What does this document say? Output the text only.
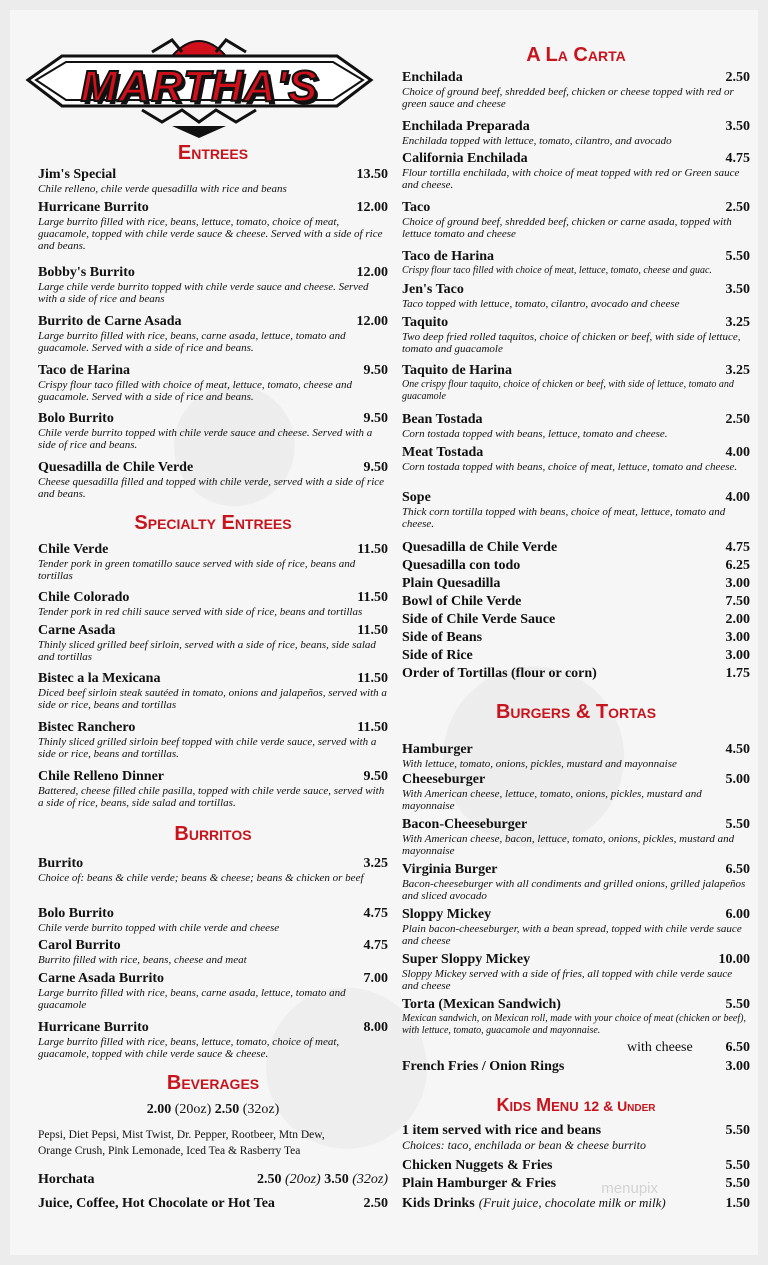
MARTHA'S
Entrees
Jim's Special	13.50
Chile relleno, chile verde quesadilla with rice and beans
Hurricane Burrito	12.00
Large burrito filled with rice, beans, lettuce, tomato, choice of meat, guacamole, topped with chile verde sauce & cheese. Served with a side of rice and beans.
Bobby's Burrito	12.00
Large chile verde burrito topped with chile verde sauce and cheese. Served with a side of rice and beans
Burrito de Carne Asada	12.00
Large burrito filled with rice, beans, carne asada, lettuce, tomato and guacamole. Served with a side of rice and beans.
Taco de Harina	9.50
Crispy flour taco filled with choice of meat, lettuce, tomato, cheese and guacamole. Served with a side of rice and beans.
Bolo Burrito	9.50
Chile verde burrito topped with chile verde sauce and cheese. Served with a side of rice and beans.
Quesadilla de Chile Verde	9.50
Cheese quesadilla filled and topped with chile verde, served with a side of rice and beans.
Specialty Entrees
Chile Verde	11.50
Tender pork in green tomatillo sauce served with side of rice, beans and tortillas
Chile Colorado	11.50
Tender pork in red chili sauce served with side of rice, beans and tortillas
Carne Asada	11.50
Thinly sliced grilled beef sirloin, served with a side of rice, beans, side salad and tortillas
Bistec a la Mexicana	11.50
Diced beef sirloin steak sautéed in tomato, onions and jalapeños, served with a side or rice, beans and tortillas
Bistec Ranchero	11.50
Thinly sliced grilled sirloin beef topped with chile verde sauce, served with a side or rice, beans and tortillas.
Chile Relleno Dinner	9.50
Battered, cheese filled chile pasilla, topped with chile verde sauce, served with a side of rice, beans, side salad and tortillas.
Burritos
Burrito	3.25
Choice of: beans & chile verde; beans & cheese; beans & chicken or beef
Bolo Burrito	4.75
Chile verde burrito topped with chile verde and cheese
Carol Burrito	4.75
Burrito filled with rice, beans, cheese and meat
Carne Asada Burrito	7.00
Large burrito filled with rice, beans, carne asada, lettuce, tomato and guacamole
Hurricane Burrito	8.00
Large burrito filled with rice, beans, lettuce, tomato, choice of meat, guacamole, topped with chile verde sauce & cheese.
Beverages
2.00 (20oz) 2.50 (32oz)
Pepsi, Diet Pepsi, Mist Twist, Dr. Pepper, Rootbeer, Mtn Dew, Orange Crush, Pink Lemonade, Iced Tea & Rasberry Tea
Horchata	2.50 (20oz) 3.50 (32oz)
Juice, Coffee, Hot Chocolate or Hot Tea	2.50
A La Carta
Enchilada	2.50
Choice of ground beef, shredded beef, chicken or cheese topped with red or green sauce and cheese
Enchilada Preparada	3.50
Enchilada topped with lettuce, tomato, cilantro, and avocado
California Enchilada	4.75
Flour tortilla enchilada, with choice of meat topped with red or Green sauce and cheese.
Taco	2.50
Choice of ground beef, shredded beef, chicken or carne asada, topped with lettuce tomato and cheese
Taco de Harina	5.50
Crispy flour taco filled with choice of meat, lettuce, tomato, cheese and guac.
Jen's Taco	3.50
Taco topped with lettuce, tomato, cilantro, avocado and cheese
Taquito	3.25
Two deep fried rolled taquitos, choice of chicken or beef, with side of lettuce, tomato and guacamole
Taquito de Harina	3.25
One crispy flour taquito, choice of chicken or beef, with side of lettuce, tomato and guacamole
Bean Tostada	2.50
Corn tostada topped with beans, lettuce, tomato and cheese.
Meat Tostada	4.00
Corn tostada topped with beans, choice of meat, lettuce, tomato and cheese.
Sope	4.00
Thick corn tortilla topped with beans, choice of meat, lettuce, tomato and cheese.
Quesadilla de Chile Verde	4.75
Quesadilla con todo	6.25
Plain Quesadilla	3.00
Bowl of Chile Verde	7.50
Side of Chile Verde Sauce	2.00
Side of Beans	3.00
Side of Rice	3.00
Order of Tortillas (flour or corn)	1.75
Burgers & Tortas
Hamburger	4.50
With lettuce, tomato, onions, pickles, mustard and mayonnaise
Cheeseburger	5.00
With American cheese, lettuce, tomato, onions, pickles, mustard and mayonnaise
Bacon-Cheeseburger	5.50
With American cheese, bacon, lettuce, tomato, onions, pickles, mustard and mayonnaise
Virginia Burger	6.50
Bacon-cheeseburger with all condiments and grilled onions, grilled jalapeños and sliced avocado
Sloppy Mickey	6.00
Plain bacon-cheeseburger, with a bean spread, topped with chile verde sauce and cheese
Super Sloppy Mickey	10.00
Sloppy Mickey served with a side of fries, all topped with chile verde sauce and cheese
Torta (Mexican Sandwich)	5.50
Mexican sandwich, on Mexican roll, made with your choice of meat (chicken or beef), with lettuce, tomato, guacamole and mayonnaise.
with cheese 6.50
French Fries / Onion Rings	3.00
Kids Menu 12 & Under
1 item served with rice and beans	5.50
Choices: taco, enchilada or bean & cheese burrito
Chicken Nuggets & Fries	5.50
Plain Hamburger & Fries	5.50
Kids Drinks (Fruit juice, chocolate milk or milk)	1.50
menupix
